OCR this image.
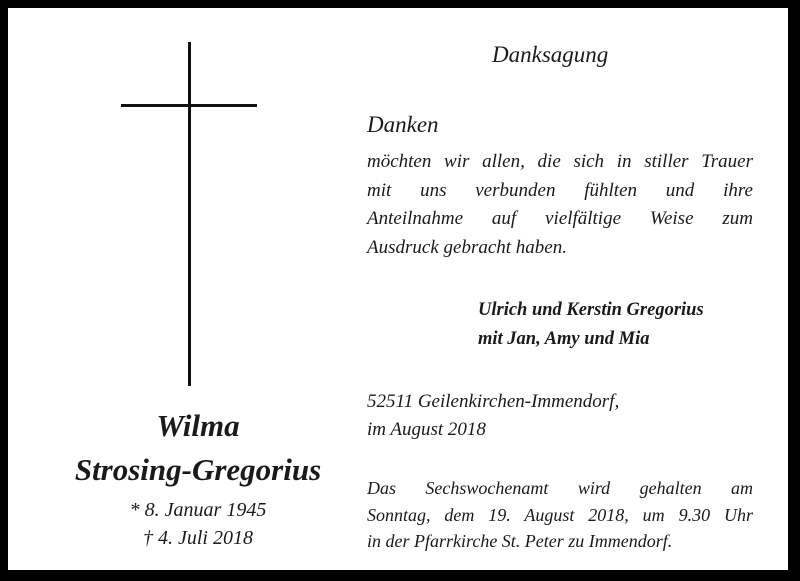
Wilma
Strosing-Gregorius
* 8. Januar 1945
† 4. Juli 2018
Danksagung
Danken

möchten wir allen, die sich in stiller Trauer
mit uns verbunden fühlten und ihre
Anteilnahme auf vielfältige Weise zum
Ausdruck gebracht haben.

Ulrich und Kerstin Gregorius
mit Jan, Amy und Mia
52511 Geilenkirchen-Immendorf,
im August 2018

Das Sechswochenamt wird gehalten am
Sonntag, dem 19. August 2018, um 9.30 Uhr
in der Pfarrkirche St. Peter zu Immendorf.
